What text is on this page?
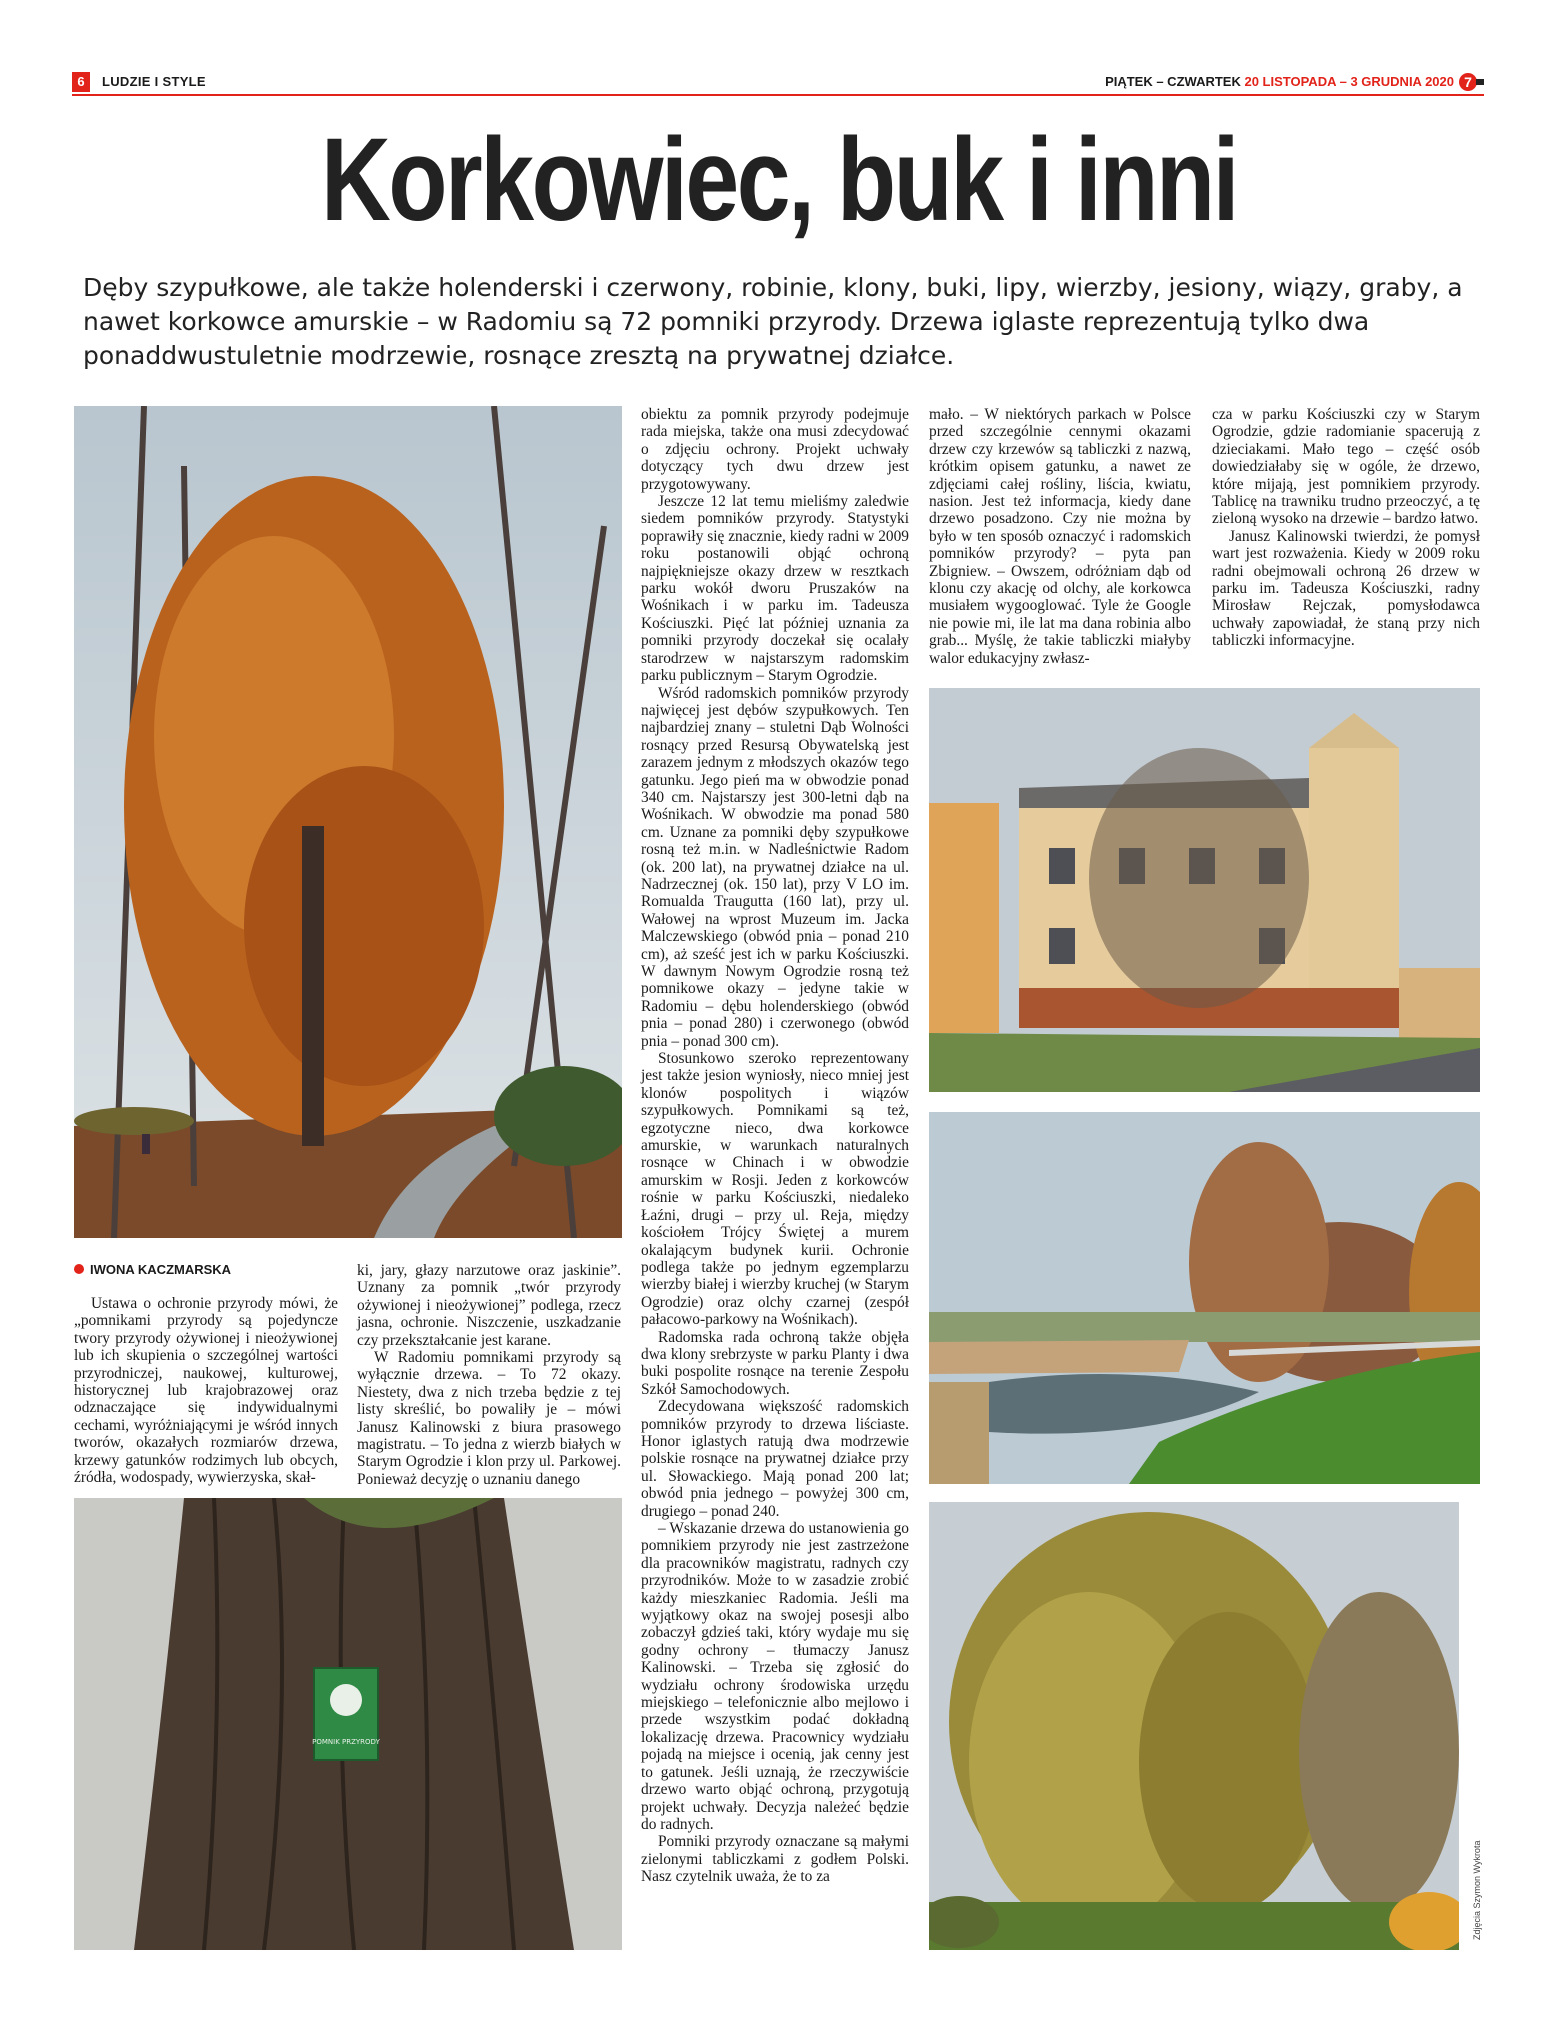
6	LUDZIE I STYLE	PIĄTEK – CZWARTEK 20 LISTOPADA – 3 GRUDNIA 2020 7
Korkowiec, buk i inni

Dęby szypułkowe, ale także holenderski i czerwony, robinie, klony, buki, lipy, wierzby, jesiony, wiązy, graby, a nawet korkowce amurskie – w Radomiu są 72 pomniki przyrody. Drzewa iglaste reprezentują tylko dwa ponaddwustuletnie modrzewie, rosnące zresztą na prywatnej działce.

POMNIK PRZYRODY
IWONA KACZMARSKA

Ustawa o ochronie przyrody mówi, że „pomnikami przyrody są pojedyncze twory przyrody ożywionej i nieożywionej lub ich skupienia o szczególnej wartości przyrodniczej, naukowej, kulturowej, historycznej lub krajobrazowej oraz odznaczające się indywidualnymi cechami, wyróżniającymi je wśród innych tworów, okazałych rozmiarów drzewa, krzewy gatunków rodzimych lub obcych, źródła, wodospady, wywierzyska, skał-

ki, jary, głazy narzutowe oraz jaskinie”. Uznany za pomnik „twór przyrody ożywionej i nieożywionej” podlega, rzecz jasna, ochronie. Niszczenie, uszkadzanie czy przekształcanie jest karane.

W Radomiu pomnikami przyrody są wyłącznie drzewa. – To 72 okazy. Niestety, dwa z nich trzeba będzie z tej listy skreślić, bo powaliły je – mówi Janusz Kalinowski z biura prasowego magistratu. – To jedna z wierzb białych w Starym Ogrodzie i klon przy ul. Parkowej. Ponieważ decyzję o uznaniu danego

obiektu za pomnik przyrody podejmuje rada miejska, także ona musi zdecydować o zdjęciu ochrony. Projekt uchwały dotyczący tych dwu drzew jest przygotowywany.

Jeszcze 12 lat temu mieliśmy zaledwie siedem pomników przyrody. Statystyki poprawiły się znacznie, kiedy radni w 2009 roku postanowili objąć ochroną najpiękniejsze okazy drzew w resztkach parku wokół dworu Pruszaków na Wośnikach i w parku im. Tadeusza Kościuszki. Pięć lat później uznania za pomniki przyrody doczekał się ocalały starodrzew w najstarszym radomskim parku publicznym – Starym Ogrodzie.

Wśród radomskich pomników przyrody najwięcej jest dębów szypułkowych. Ten najbardziej znany – stuletni Dąb Wolności rosnący przed Resursą Obywatelską jest zarazem jednym z młodszych okazów tego gatunku. Jego pień ma w obwodzie ponad 340 cm. Najstarszy jest 300-letni dąb na Wośnikach. W obwodzie ma ponad 580 cm. Uznane za pomniki dęby szypułkowe rosną też m.in. w Nadleśnictwie Radom (ok. 200 lat), na prywatnej działce na ul. Nadrzecznej (ok. 150 lat), przy V LO im. Romualda Traugutta (160 lat), przy ul. Wałowej na wprost Muzeum im. Jacka Malczewskiego (obwód pnia – ponad 210 cm), aż sześć jest ich w parku Kościuszki. W dawnym Nowym Ogrodzie rosną też pomnikowe okazy – jedyne takie w Radomiu – dębu holenderskiego (obwód pnia – ponad 280) i czerwonego (obwód pnia – ponad 300 cm).

Stosunkowo szeroko reprezentowany jest także jesion wyniosły, nieco mniej jest klonów pospolitych i wiązów szypułkowych. Pomnikami są też, egzotyczne nieco, dwa korkowce amurskie, w warunkach naturalnych rosnące w Chinach i w obwodzie amurskim w Rosji. Jeden z korkowców rośnie w parku Kościuszki, niedaleko Łaźni, drugi – przy ul. Reja, między kościołem Trójcy Świętej a murem okalającym budynek kurii. Ochronie podlega także po jednym egzemplarzu wierzby białej i wierzby kruchej (w Starym Ogrodzie) oraz olchy czarnej (zespół pałacowo-parkowy na Wośnikach).

Radomska rada ochroną także objęła dwa klony srebrzyste w parku Planty i dwa buki pospolite rosnące na terenie Zespołu Szkół Samochodowych.

Zdecydowana większość radomskich pomników przyrody to drzewa liściaste. Honor iglastych ratują dwa modrzewie polskie rosnące na prywatnej działce przy ul. Słowackiego. Mają ponad 200 lat; obwód pnia jednego – powyżej 300 cm, drugiego – ponad 240.

– Wskazanie drzewa do ustanowienia go pomnikiem przyrody nie jest zastrzeżone dla pracowników magistratu, radnych czy przyrodników. Może to w zasadzie zrobić każdy mieszkaniec Radomia. Jeśli ma wyjątkowy okaz na swojej posesji albo zobaczył gdzieś taki, który wydaje mu się godny ochrony – tłumaczy Janusz Kalinowski. – Trzeba się zgłosić do wydziału ochrony środowiska urzędu miejskiego – telefonicznie albo mejlowo i przede wszystkim podać dokładną lokalizację drzewa. Pracownicy wydziału pojadą na miejsce i ocenią, jak cenny jest to gatunek. Jeśli uznają, że rzeczywiście drzewo warto objąć ochroną, przygotują projekt uchwały. Decyzja należeć będzie do radnych.

Pomniki przyrody oznaczane są małymi zielonymi tabliczkami z godłem Polski. Nasz czytelnik uważa, że to za

mało. – W niektórych parkach w Polsce przed szczególnie cennymi okazami drzew czy krzewów są tabliczki z nazwą, krótkim opisem gatunku, a nawet ze zdjęciami całej rośliny, liścia, kwiatu, nasion. Jest też informacja, kiedy dane drzewo posadzono. Czy nie można by było w ten sposób oznaczyć i radomskich pomników przyrody? – pyta pan Zbigniew. – Owszem, odróżniam dąb od klonu czy akację od olchy, ale korkowca musiałem wygooglować. Tyle że Google nie powie mi, ile lat ma dana robinia albo grab... Myślę, że takie tabliczki miałyby walor edukacyjny zwłasz-

cza w parku Kościuszki czy w Starym Ogrodzie, gdzie radomianie spacerują z dzieciakami. Mało tego – część osób dowiedziałaby się w ogóle, że drzewo, które mijają, jest pomnikiem przyrody. Tablicę na trawniku trudno przeoczyć, a tę zieloną wysoko na drzewie – bardzo łatwo.

Janusz Kalinowski twierdzi, że pomysł wart jest rozważenia. Kiedy w 2009 roku radni obejmowali ochroną 26 drzew w parku im. Tadeusza Kościuszki, radny Mirosław Rejczak, pomysłodawca uchwały zapowiadał, że staną przy nich tabliczki informacyjne.

Zdjęcia Szymon Wykrota
